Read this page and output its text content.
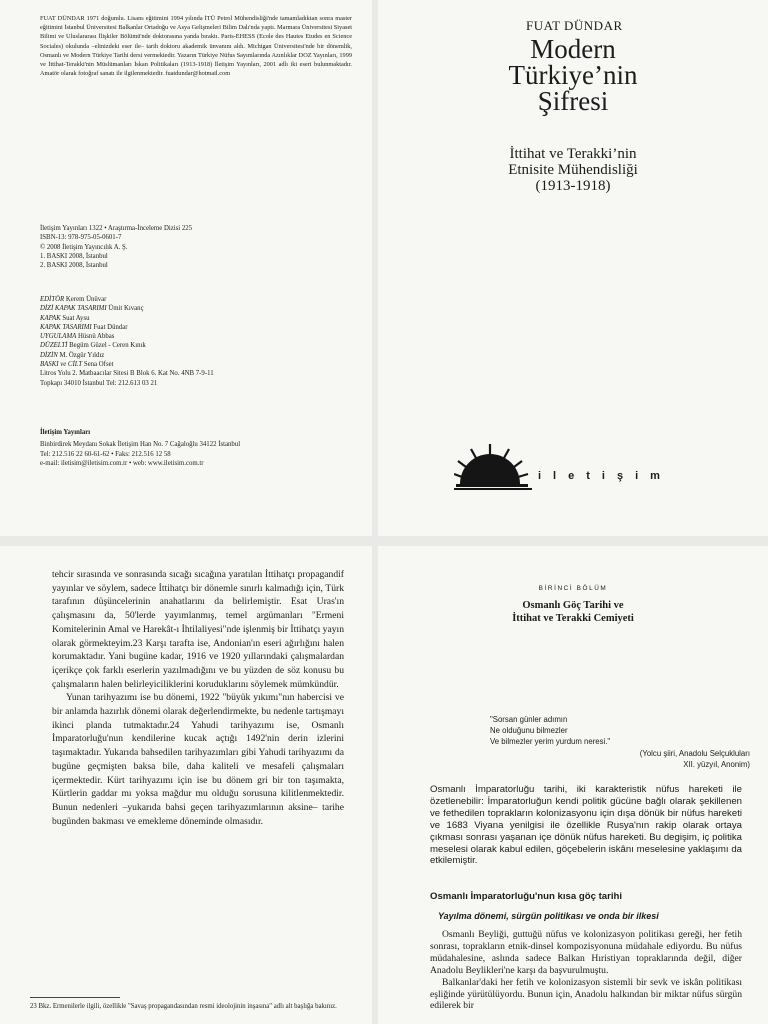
FUAT DÜNDAR 1971 doğumlu. Lisans eğitimini 1994 yılında İTÜ Petrol Mühendisliği'nde tamamladıktan sonra master eğitimini İstanbul Üniversitesi Balkanlar Ortadoğu ve Asya Gelişmeleri Bilim Dalı'nda yaptı. Marmara Üniversitesi Siyaset Bilimi ve Uluslararası İlişkiler Bölümü'nde doktorasına yanda bıraktı. Paris-EHESS (Ecole des Hautes Etudes en Science Sociales) okulunda –elinizdeki eser ile– tarih doktoru akademik ünvanını aldı. Michigan Üniversitesi'nde bir dönemlik, Osmanlı ve Modern Türkiye Tarihi dersi vermektedir. Yazarın Türkiye Nüfus Sayımlarında Azınlıklar DOZ Yayınları, 1999 ve İttihat-Terakki'nin Müslümanları İskan Politikaları (1913-1918) İletişim Yayınları, 2001 adlı iki eseri bulunmaktadır. Amatör olarak fotoğraf sanatı ile ilgilenmektedir. fuatdundar@hotmail.com
İletişim Yayınları 1322 • Araştırma-İnceleme Dizisi 225
ISBN-13: 978-975-05-0601-7
© 2008 İletişim Yayıncılık A. Ş.
1. BASKI 2008, İstanbul
2. BASKI 2008, İstanbul
EDİTÖR Kerem Ünüvar
DİZİ KAPAK TASARIMI Ümit Kıvanç
KAPAK Suat Aysu
KAPAK TASARIMI Fuat Dündar
UYGULAMA Hüsnü Abbas
DÜZELTİ Begüm Güzel - Ceren Kınık
DİZİN M. Özgür Yıldız
BASKI ve CİLT Sena Ofset
Litros Yolu 2. Matbaacılar Sitesi B Blok 6. Kat No. 4NB 7-9-11
Topkapı 34010 İstanbul Tel: 212.613 03 21
İletişim Yayınları
Binbirdirek Meydanı Sokak İletişim Han No. 7 Cağaloğlu 34122 İstanbul
Tel: 212.516 22 60-61-62 • Faks: 212.516 12 58
e-mail: iletisim@iletisim.com.tr • web: www.iletisim.com.tr
FUAT DÜNDAR
Modern
Türkiye’nin
Şifresi
İttihat ve Terakki’nin
Etnisite Mühendisliği
(1913-1918)
iletişim

tehcir sırasında ve sonrasında sıcağı sıcağına yaratılan İttihatçı propagandif yayınlar ve söylem, sadece İttihatçı bir dönemle sınırlı kalmadığı için, Türk tarafının düşüncelerinin anahatlarını da belirlemiştir. Esat Uras'ın çalışmasını da, 50'lerde yayımlanmış, temel argümanları "Ermeni Komitelerinin Amal ve Harekât-ı İhtilaliyesi"nde işlenmiş bir İttihatçı yayın olarak görmekteyim.23 Karşı tarafta ise, Andonian'ın eseri ağırlığını halen korumaktadır. Yani bugüne kadar, 1916 ve 1920 yıllarındaki çalışmalardan içerikçe çok farklı eserlerin yazılmadığını ve bu yüzden de söz konusu bu çalışmaların halen belirleyiciliklerini koruduklarını söylemek mümkündür.

Yunan tarihyazımı ise bu dönemi, 1922 "büyük yıkımı"nın habercisi ve bir anlamda hazırlık dönemi olarak değerlendirmekte, bu nedenle tartışmayı ikinci planda tutmaktadır.24 Yahudi tarihyazımı ise, Osmanlı İmparatorluğu'nun kendilerine kucak açtığı 1492'nin derin izlerini taşımaktadır. Yukarıda bahsedilen tarihyazımları gibi Yahudi tarihyazımı da bugüne geçmişten baksa bile, daha kaliteli ve mesafeli çalışmaları içermektedir. Kürt tarihyazımı için ise bu dönem gri bir ton taşımakta, Kürtlerin gaddar mı yoksa mağdur mu olduğu sorusuna kilitlenmektedir. Bunun nedenleri –yukarıda bahsi geçen tarihyazımlarının aksine– tarihe bugünden bakması ve emekleme döneminde olmasıdır.

23 Bkz. Ermenilerle ilgili, özellikle "Savaş propagandasından resmi ideolojinin inşasına" adlı alt başlığa bakınız.
BİRİNCİ BÖLÜM
Osmanlı Göç Tarihi ve
İttihat ve Terakki Cemiyeti
"Sorsan günler adımın
Ne olduğunu bilmezler
Ve bilmezler yerim yurdum neresi."
(Yolcu şiiri, Anadolu Selçukluları
XII. yüzyıl, Anonim)

Osmanlı İmparatorluğu tarihi, iki karakteristik nüfus hareketi ile özetlenebilir: İmparatorluğun kendi politik gücüne bağlı olarak şekillenen ve fethedilen toprakların kolonizasyonu için dışa dönük bir nüfus hareketi ve 1683 Viyana yenilgisi ile özellikle Rusya'nın rakip olarak ortaya çıkması sonrası yaşanan içe dönük nüfus hareketi. Bu degişim, iç politika meselesi olarak kabul edilen, göçebelerin iskânı meselesine yaklaşımı da etkilemiştir.

Osmanlı İmparatorluğu'nun kısa göç tarihi
Yayılma dönemi, sürgün politikası ve onda bir ilkesi

Osmanlı Beyliği, guttuğü nüfus ve kolonizasyon politikası gereği, her fetih sonrası, toprakların etnik-dinsel kompozisyonuna müdahale ediyordu. Bu nüfus müdahalesine, aslında sadece Balkan Hıristiyan topraklarında değil, diğer Anadolu Beylikleri'ne karşı da başvurulmuştu.

Balkanlar'daki her fetih ve kolonizasyon sistemli bir sevk ve iskân politikası eşliğinde yürütülüyordu. Bunun için, Anadolu halkından bir miktar nüfus sürgün edilerek bir
